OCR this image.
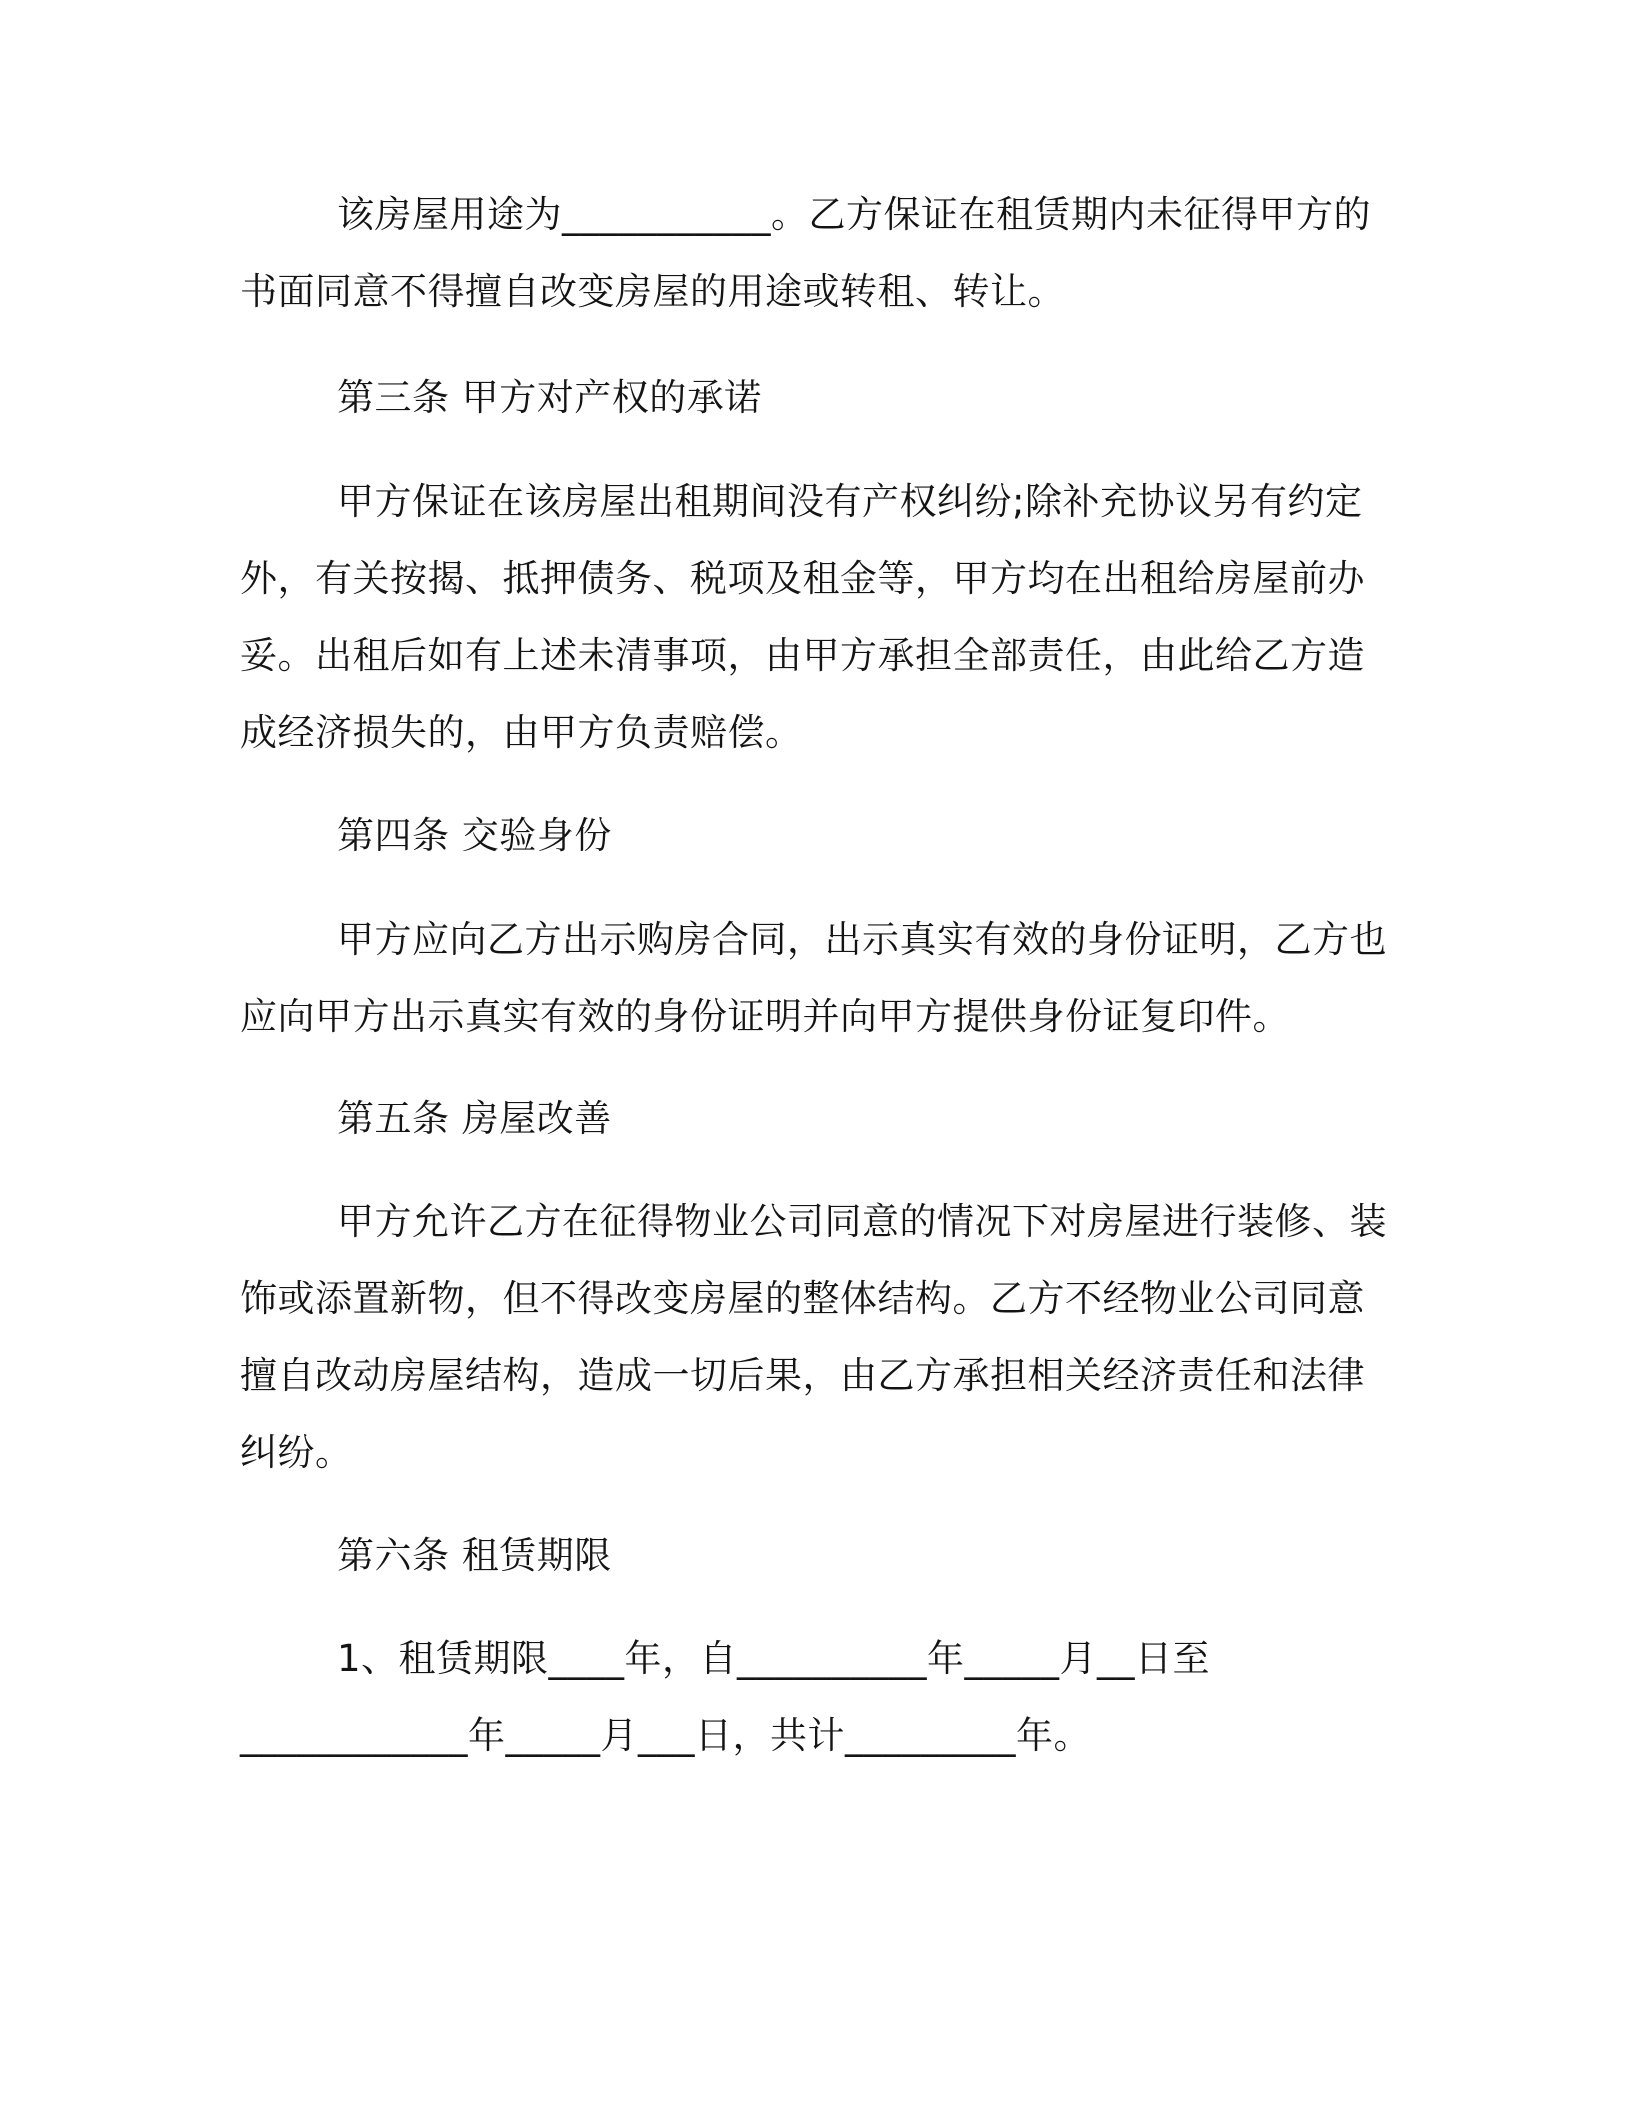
该房屋用途为___________。乙方保证在租赁期内未征得甲方的
书面同意不得擅自改变房屋的用途或转租、转让。
第三条 甲方对产权的承诺
甲方保证在该房屋出租期间没有产权纠纷;除补充协议另有约定
外，有关按揭、抵押债务、税项及租金等，甲方均在出租给房屋前办
妥。出租后如有上述未清事项，由甲方承担全部责任，由此给乙方造
成经济损失的，由甲方负责赔偿。
第四条 交验身份
甲方应向乙方出示购房合同，出示真实有效的身份证明，乙方也
应向甲方出示真实有效的身份证明并向甲方提供身份证复印件。
第五条 房屋改善
甲方允许乙方在征得物业公司同意的情况下对房屋进行装修、装
饰或添置新物，但不得改变房屋的整体结构。乙方不经物业公司同意
擅自改动房屋结构，造成一切后果，由乙方承担相关经济责任和法律
纠纷。
第六条 租赁期限
1、租赁期限____年，自__________年_____月__日至
____________年_____月___日，共计_________年。
